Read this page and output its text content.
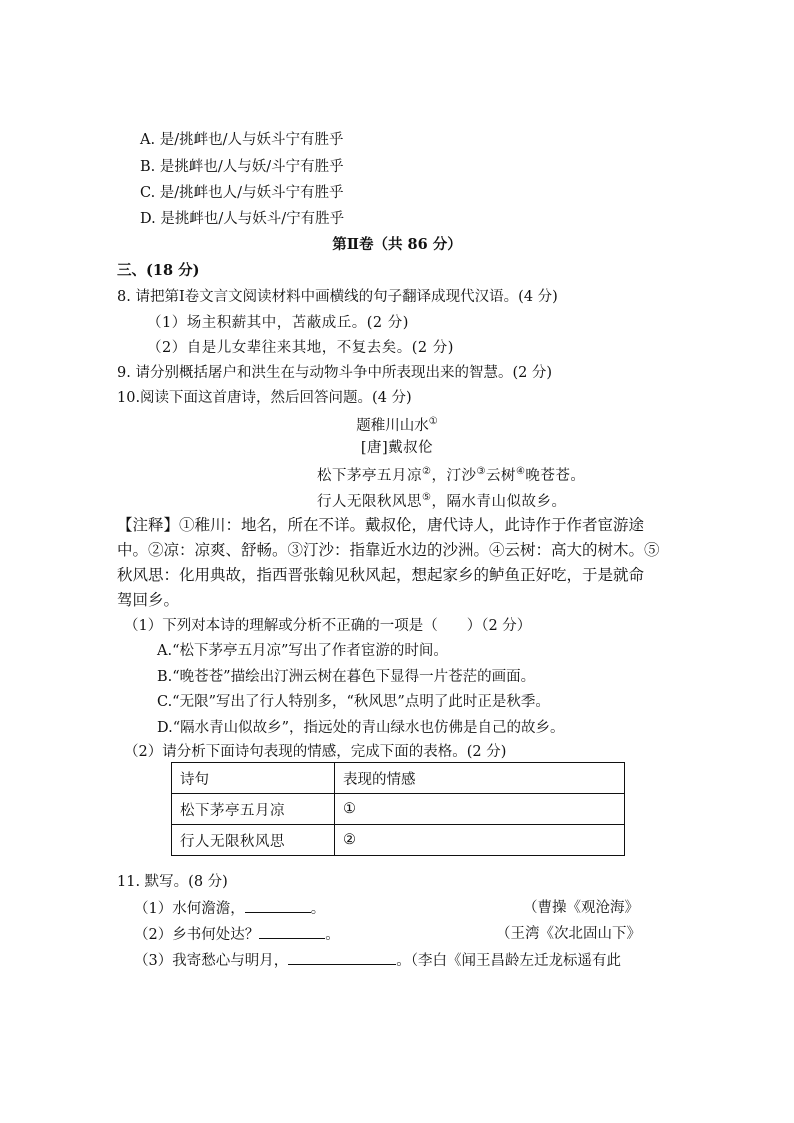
A. 是/挑衅也/人与妖斗宁有胜乎
B. 是挑衅也/人与妖/斗宁有胜乎
C. 是/挑衅也人/与妖斗宁有胜乎
D. 是挑衅也/人与妖斗/宁有胜乎
第Ⅱ卷（共 86 分）
三、(18 分)
8. 请把第Ⅰ卷文言文阅读材料中画横线的句子翻译成现代汉语。(4 分)
（1）场主积薪其中，苫蔽成丘。(2 分)
（2）自是儿女辈往来其地，不复去矣。(2 分)
9. 请分别概括屠户和洪生在与动物斗争中所表现出来的智慧。(2 分)
10.阅读下面这首唐诗，然后回答问题。(4 分)
题稚川山水①
[唐]戴叔伦
松下茅亭五月凉②，汀沙③云树④晚苍苍。
行人无限秋风思⑤，隔水青山似故乡。
【注释】①稚川：地名，所在不详。戴叔伦，唐代诗人，此诗作于作者宦游途
中。②凉：凉爽、舒畅。③汀沙：指靠近水边的沙洲。④云树：高大的树木。⑤
秋风思：化用典故，指西晋张翰见秋风起，想起家乡的鲈鱼正好吃，于是就命
驾回乡。
（1）下列对本诗的理解或分析不正确的一项是（　　）（2 分）
A.“松下茅亭五月凉”写出了作者宦游的时间。
B.“晚苍苍”描绘出汀洲云树在暮色下显得一片苍茫的画面。
C.“无限”写出了行人特别多，“秋风思”点明了此时正是秋季。
D.“隔水青山似故乡”，指远处的青山绿水也仿佛是自己的故乡。
（2）请分析下面诗句表现的情感，完成下面的表格。(2 分)
诗句	表现的情感
松下茅亭五月凉	①
行人无限秋风思	②
11. 默写。(8 分)
（1）水何澹澹，	。	（曹操《观沧海》
（2）乡书何处达？	。	（王湾《次北固山下》
（3）我寄愁心与明月，	。（李白《闻王昌龄左迁龙标遥有此
